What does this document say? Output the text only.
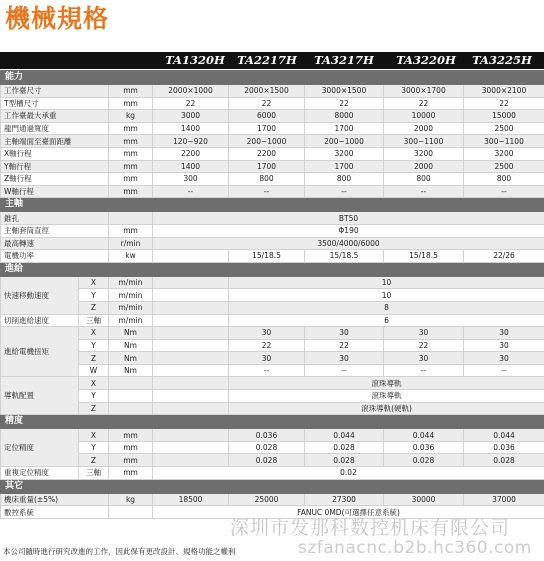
機械規格
TA1320H	TA2217H	TA3217H	TA3220H	TA3225H
能力							
工作臺尺寸		mm	2000×1000	2000×1500	3000×1500	3000×1700	3000×2100
T型槽尺寸		mm	22	22	22	22	22
工作臺最大承重		kg	3000	6000	8000	10000	15000
龍門通過寬度		mm	1400	1700	1700	2000	2500
主軸端面至臺面距離		mm	120~920	200~1000	200~1000	300~1100	300~1100
X軸行程		mm	2200	2200	3200	3200	3200
Y軸行程		mm	1400	1700	1700	2000	2500
Z軸行程		mm	300	800	800	800	800
W軸行程		mm	--	--	--	--	--
主軸							
錐孔			BT50				
主軸套筒直徑		mm	Φ190				
最高轉速		r/min	3500/4000/6000				
電機功率		kw		15/18.5	15/18.5	15/18.5	22/26
進給							
快速移動速度	X	m/min		10			
	Y	m/min		10			
	Z	m/min		8			
切削進給速度	三軸	m/min		6			
進給電機扭矩	X	Nm		30	30	30	30
	Y	Nm		22	22	22	30
	Z	Nm		30	30	30	30
	W	Nm		--	--	--	--
導軌配置	X			滾珠導軌			
	Y			滾珠導軌			
	Z			滾珠導軌(硬軌)			
精度							
定位精度	X	mm		0.036	0.044	0.044	0.044
	Y	mm		0.028	0.028	0.036	0.036
	Z	mm		0.028	0.028	0.028	0.028
重複定位精度	三軸	mm	0.02				
其它							
機床重量(±5%)		kg	18500	25000	27300	30000	37000
數控系統			FANUC 0MD(可選擇任意系統)				
本公司隨時進行研究改進的工作，因此保有更改設計、規格功能之權利
深圳市发那科数控机床有限公司
szfanacnc.b2b.hc360.com
